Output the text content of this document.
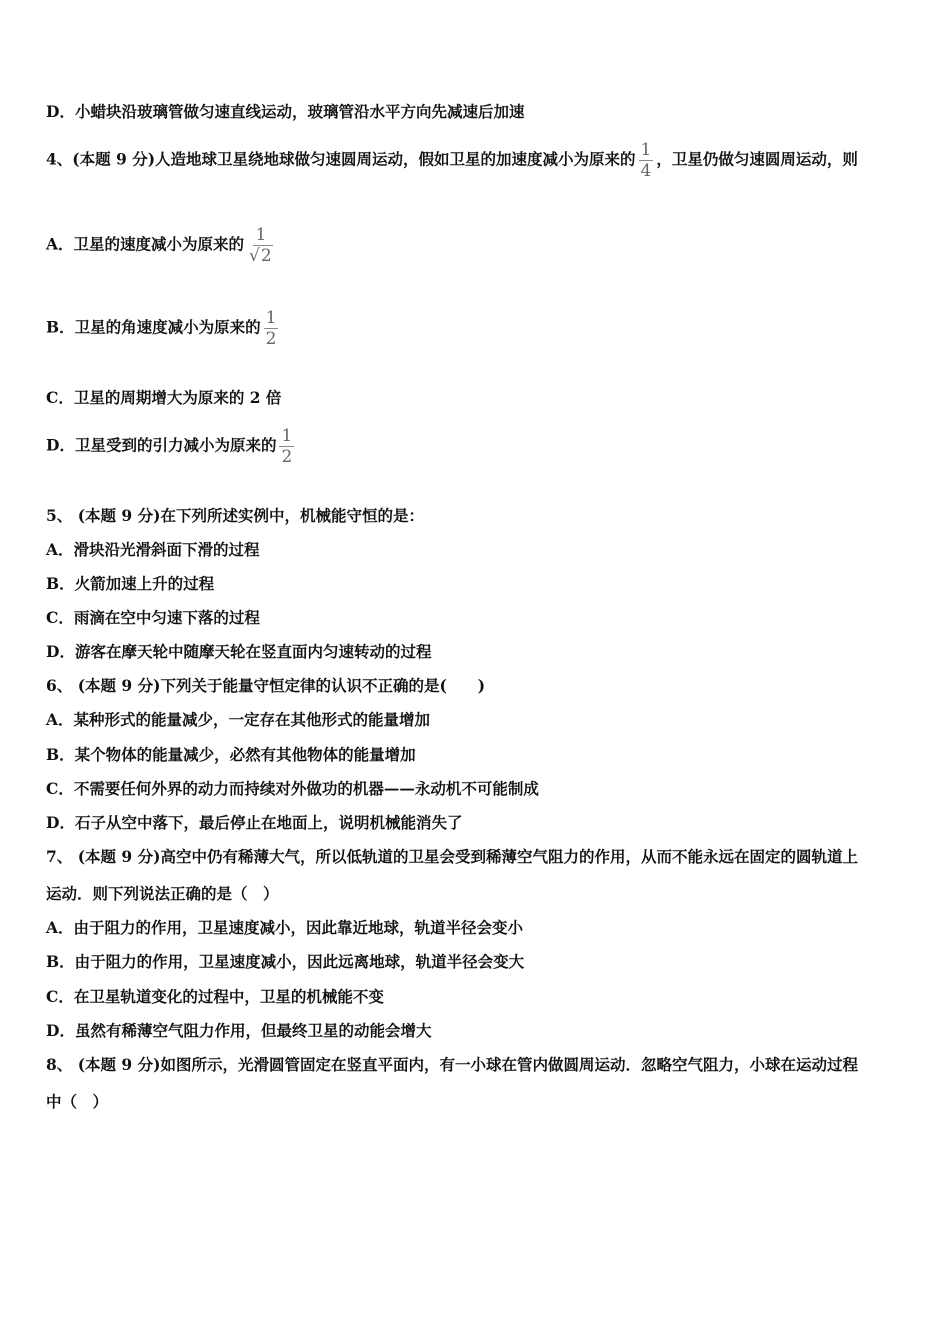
D．小蜡块沿玻璃管做匀速直线运动，玻璃管沿水平方向先减速后加速
4、(本题 9 分)人造地球卫星绕地球做匀速圆周运动，假如卫星的加速度减小为原来的 $\frac{1}{4}$ ，卫星仍做匀速圆周运动，则
A．卫星的速度减小为原来的 $\frac{1}{√2}$
B．卫星的角速度减小为原来的 $\frac{1}{2}$
C．卫星的周期增大为原来的 2 倍
D．卫星受到的引力减小为原来的 $\frac{1}{2}$
5、 (本题 9 分)在下列所述实例中，机械能守恒的是：
A．滑块沿光滑斜面下滑的过程
B．火箭加速上升的过程
C．雨滴在空中匀速下落的过程
D．游客在摩天轮中随摩天轮在竖直面内匀速转动的过程
6、 (本题 9 分)下列关于能量守恒定律的认识不正确的是(　　)
A．某种形式的能量减少，一定存在其他形式的能量增加
B．某个物体的能量减少，必然有其他物体的能量增加
C．不需要任何外界的动力而持续对外做功的机器——永动机不可能制成
D．石子从空中落下，最后停止在地面上，说明机械能消失了
7、 (本题 9 分)高空中仍有稀薄大气，所以低轨道的卫星会受到稀薄空气阻力的作用，从而不能永远在固定的圆轨道上
运动．则下列说法正确的是（　）
A．由于阻力的作用，卫星速度减小，因此靠近地球，轨道半径会变小
B．由于阻力的作用，卫星速度减小，因此远离地球，轨道半径会变大
C．在卫星轨道变化的过程中，卫星的机械能不变
D．虽然有稀薄空气阻力作用，但最终卫星的动能会增大
8、 (本题 9 分)如图所示，光滑圆管固定在竖直平面内，有一小球在管内做圆周运动．忽略空气阻力，小球在运动过程
中（　）
